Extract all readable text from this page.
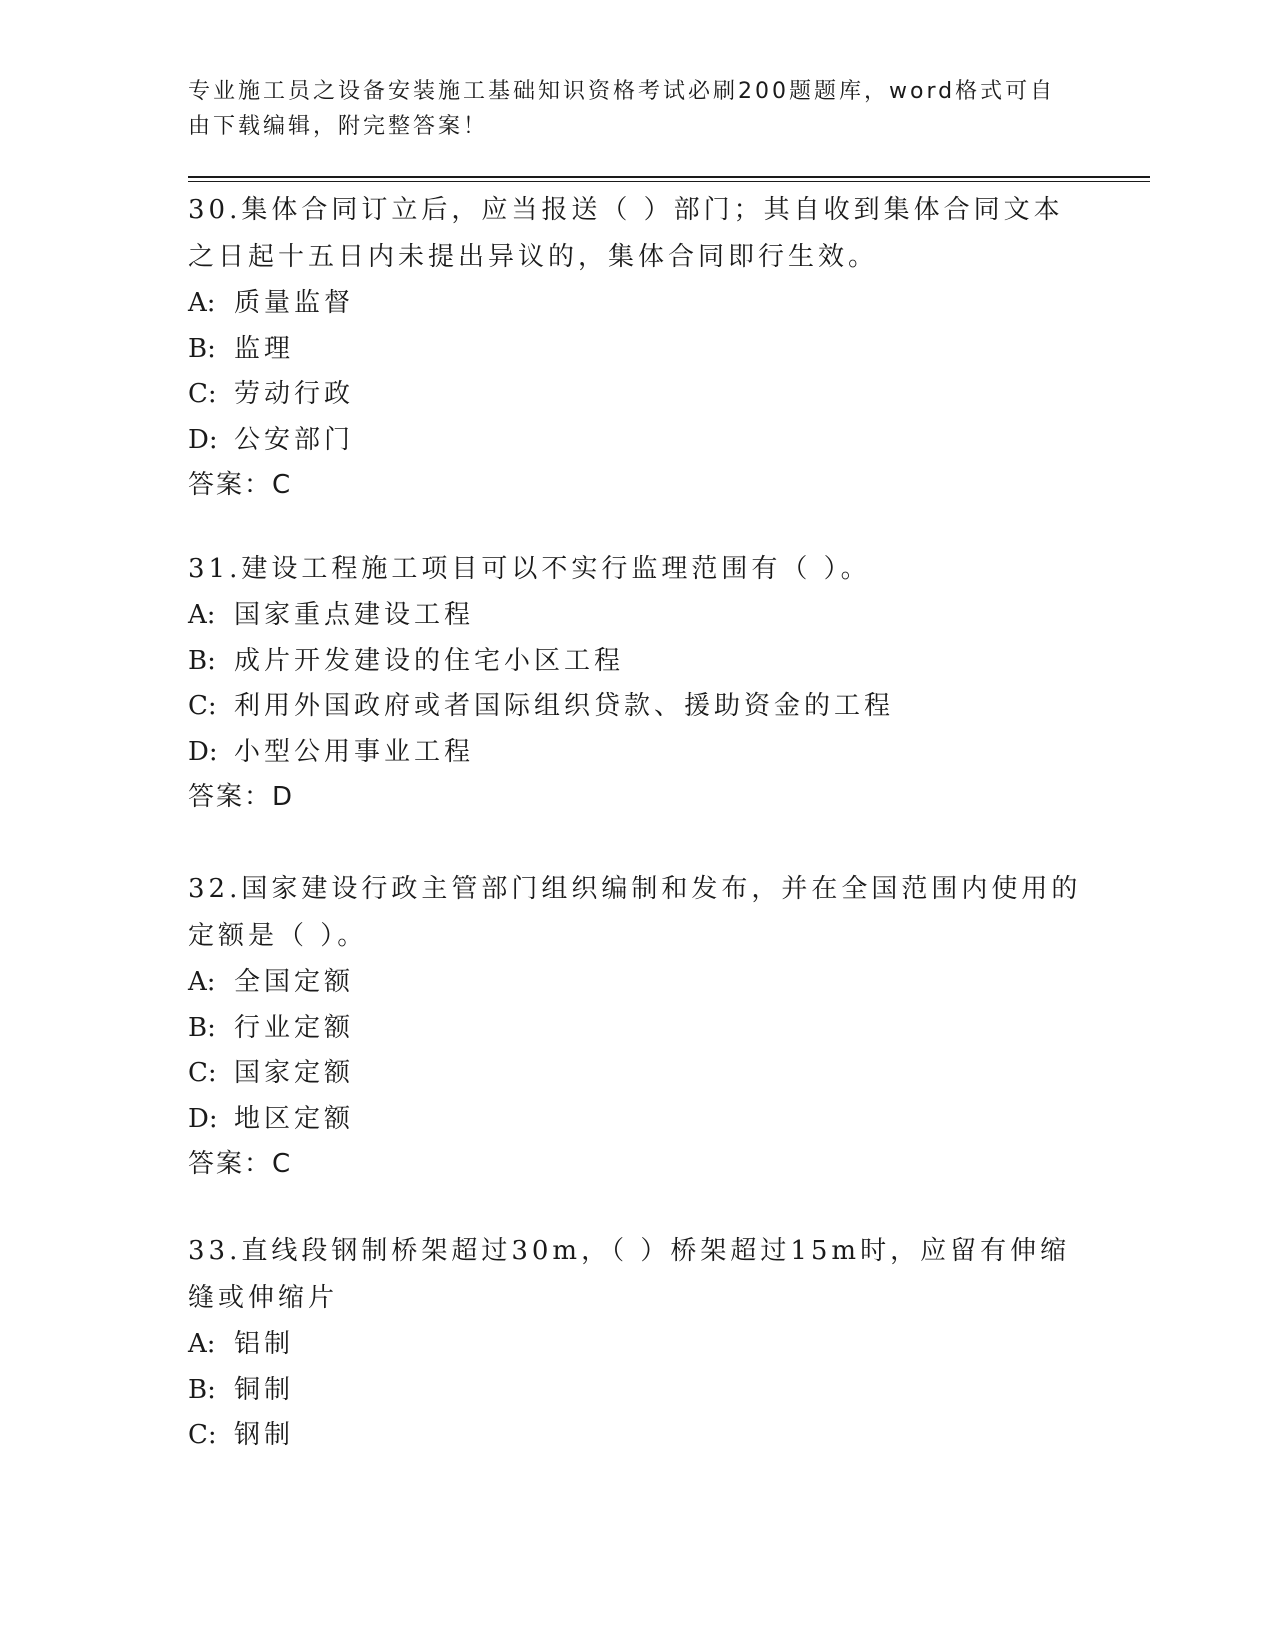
专业施工员之设备安装施工基础知识资格考试必刷200题题库，word格式可自由下载编辑，附完整答案！
30.集体合同订立后，应当报送（ ）部门；其自收到集体合同文本之日起十五日内未提出异议的，集体合同即行生效。
A: 质量监督
B: 监理
C: 劳动行政
D: 公安部门
答案：C
31.建设工程施工项目可以不实行监理范围有（ ）。
A: 国家重点建设工程
B: 成片开发建设的住宅小区工程
C: 利用外国政府或者国际组织贷款、援助资金的工程
D: 小型公用事业工程
答案：D
32.国家建设行政主管部门组织编制和发布，并在全国范围内使用的定额是（ ）。
A: 全国定额
B: 行业定额
C: 国家定额
D: 地区定额
答案：C
33.直线段钢制桥架超过30m，（ ）桥架超过15m时，应留有伸缩缝或伸缩片
A: 铝制
B: 铜制
C: 钢制
